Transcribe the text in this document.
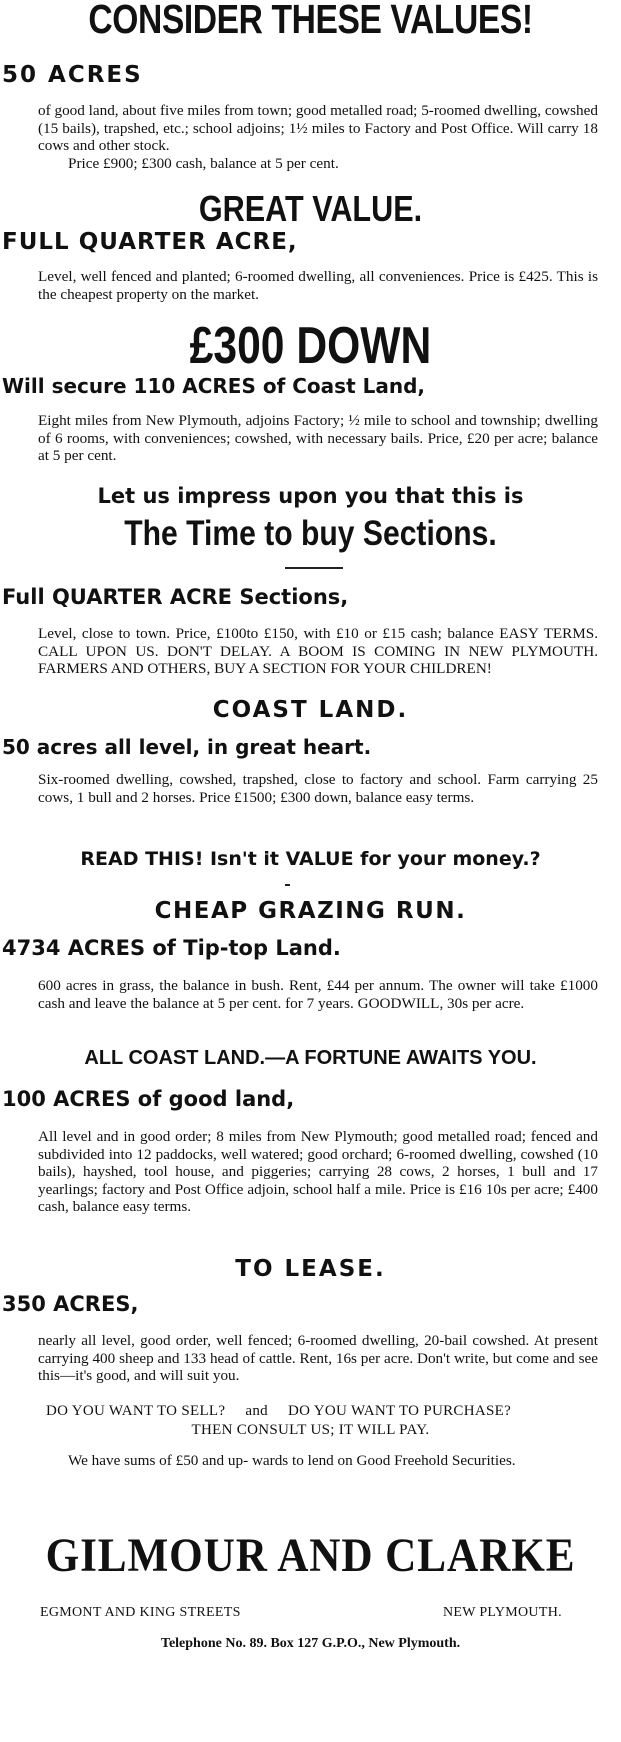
CONSIDER THESE VALUES!
50 ACRES

of good land, about five miles from town; good metalled road; 5-roomed dwelling, cowshed (15 bails), trapshed, etc.; school adjoins; 1½ miles to Factory and Post Office. Will carry 18 cows and other stock.

Price £900; £300 cash, balance at 5 per cent.

GREAT VALUE.
FULL QUARTER ACRE,

Level, well fenced and planted; 6-roomed dwelling, all conveniences. Price is £425. This is the cheapest property on the market.

£300 DOWN
Will secure 110 ACRES of Coast Land,

Eight miles from New Plymouth, adjoins Factory; ½ mile to school and township; dwelling of 6 rooms, with conveniences; cowshed, with necessary bails. Price, £20 per acre; balance at 5 per cent.

Let us impress upon you that this is
The Time to buy Sections.
Full QUARTER ACRE Sections,

Level, close to town. Price, £100to £150, with £10 or £15 cash; balance EASY TERMS. CALL UPON US. DON'T DELAY. A BOOM IS COMING IN NEW PLYMOUTH. FARMERS AND OTHERS, BUY A SECTION FOR YOUR CHILDREN!

COAST LAND.
50 acres all level, in great heart.

Six-roomed dwelling, cowshed, trapshed, close to factory and school. Farm carrying 25 cows, 1 bull and 2 horses. Price £1500; £300 down, balance easy terms.

READ THIS! Isn't it VALUE for your money.?
CHEAP GRAZING RUN.
4734 ACRES of Tip-top Land.

600 acres in grass, the balance in bush. Rent, £44 per annum. The owner will take £1000 cash and leave the balance at 5 per cent. for 7 years. GOODWILL, 30s per acre.

ALL COAST LAND.—A FORTUNE AWAITS YOU.
100 ACRES of good land,

All level and in good order; 8 miles from New Plymouth; good metalled road; fenced and subdivided into 12 paddocks, well watered; good orchard; 6-roomed dwelling, cowshed (10 bails), hayshed, tool house, and piggeries; carrying 28 cows, 2 horses, 1 bull and 17 yearlings; factory and Post Office adjoin, school half a mile. Price is £16 10s per acre; £400 cash, balance easy terms.

TO LEASE.
350 ACRES,

nearly all level, good order, well fenced; 6-roomed dwelling, 20-bail cowshed. At present carrying 400 sheep and 133 head of cattle. Rent, 16s per acre. Don't write, but come and see this—it's good, and will suit you.

DO YOU WANT TO SELL? and DO YOU WANT TO PURCHASE?
THEN CONSULT US; IT WILL PAY.

We have sums of £50 and up- wards to lend on Good Freehold Securities.

GILMOUR AND CLARKE
EGMONT AND KING STREETS	NEW PLYMOUTH.
Telephone No. 89. Box 127 G.P.O., New Plymouth.
